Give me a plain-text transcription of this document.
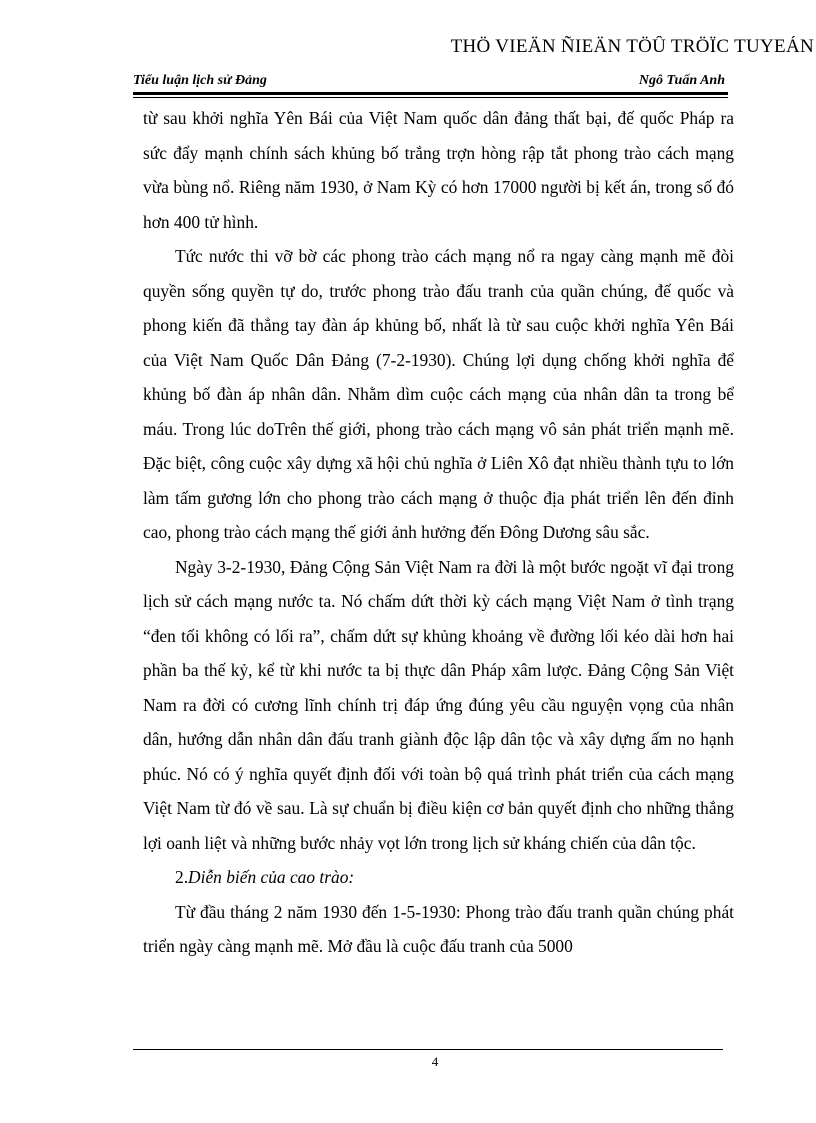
THÖ VIEÄN ÑIEÄN TÖÛ TRÖÏC TUYEÁN
Tiểu luận lịch sử Đảng	Ngô Tuấn Anh

từ sau khởi nghĩa Yên Bái của Việt Nam quốc dân đảng thất bại, đế quốc Pháp ra sức đẩy mạnh chính sách khủng bố trắng trợn hòng rập tắt phong trào cách mạng vừa bùng nổ. Riêng năm 1930, ở Nam Kỳ có hơn 17000 người bị kết án, trong số đó hơn 400 tử hình.

Tức nước thi vỡ bờ các phong trào cách mạng nổ ra ngay càng mạnh mẽ đòi quyền sống quyền tự do, trước phong trào đấu tranh của quần chúng, đế quốc và phong kiến đã thẳng tay đàn áp khủng bố, nhất là từ sau cuộc khởi nghĩa Yên Bái của Việt Nam Quốc Dân Đảng (7-2-1930). Chúng lợi dụng chống khởi nghĩa để khủng bố đàn áp nhân dân. Nhằm dìm cuộc cách mạng của nhân dân ta trong bể máu. Trong lúc doTrên thế giới, phong trào cách mạng vô sản phát triển mạnh mẽ. Đặc biệt, công cuộc xây dựng xã hội chủ nghĩa ở Liên Xô đạt nhiều thành tựu to lớn làm tấm gương lớn cho phong trào cách mạng ở thuộc địa phát triển lên đến đỉnh cao, phong trào cách mạng thế giới ảnh hưởng đến Đông Dương sâu sắc.

Ngày 3-2-1930, Đảng Cộng Sản Việt Nam ra đời là một bước ngoặt vĩ đại trong lịch sử cách mạng nước ta. Nó chấm dứt thời kỳ cách mạng Việt Nam ở tình trạng “đen tối không có lối ra”, chấm dứt sự khủng khoảng về đường lối kéo dài hơn hai phần ba thế kỷ, kể từ khi nước ta bị thực dân Pháp xâm lược. Đảng Cộng Sản Việt Nam ra đời có cương lĩnh chính trị đáp ứng đúng yêu cầu nguyện vọng của nhân dân, hướng dẫn nhân dân đấu tranh giành độc lập dân tộc và xây dựng ấm no hạnh phúc. Nó có ý nghĩa quyết định đối với toàn bộ quá trình phát triển của cách mạng Việt Nam từ đó về sau. Là sự chuẩn bị điều kiện cơ bản quyết định cho những thắng lợi oanh liệt và những bước nhảy vọt lớn trong lịch sử kháng chiến của dân tộc.

2.Diễn biến của cao trào:

Từ đầu tháng 2 năm 1930 đến 1-5-1930: Phong trào đấu tranh quần chúng phát triển ngày càng mạnh mẽ. Mở đầu là cuộc đấu tranh của 5000

4
